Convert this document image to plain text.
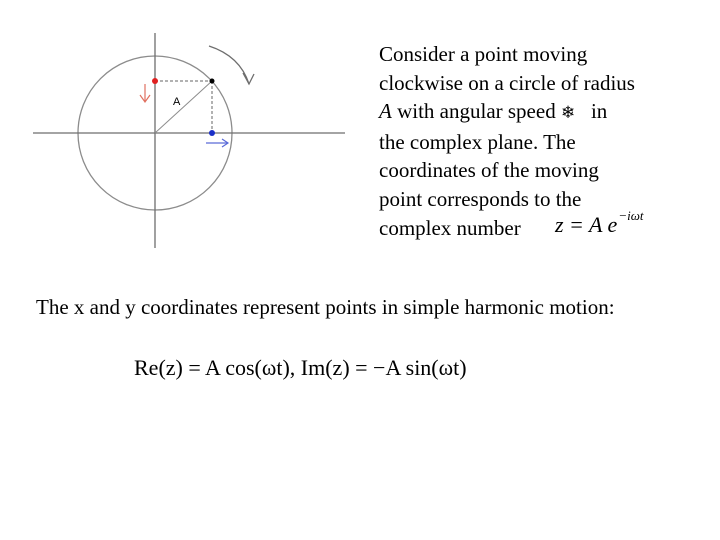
A
Consider a point moving
clockwise on a circle of radius
A with angular speed ❄ in
the complex plane. The
coordinates of the moving
point corresponds to the
complex number	z = A $e^{-i\omega t}$
The x and y coordinates represent points in simple harmonic motion:
Re(z) = A cos(ωt), Im(z) = −A sin(ωt)
